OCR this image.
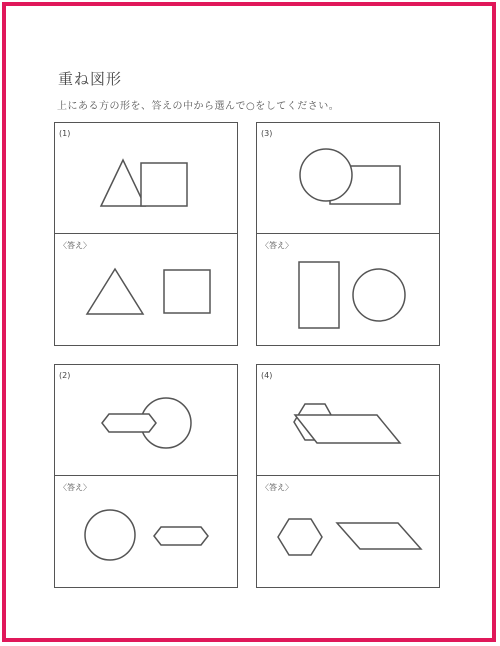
重ね図形
上にある方の形を、答えの中から選んで○をしてください。
(1)
〈答え〉
(3)
〈答え〉
(2)
〈答え〉
(4)
〈答え〉
